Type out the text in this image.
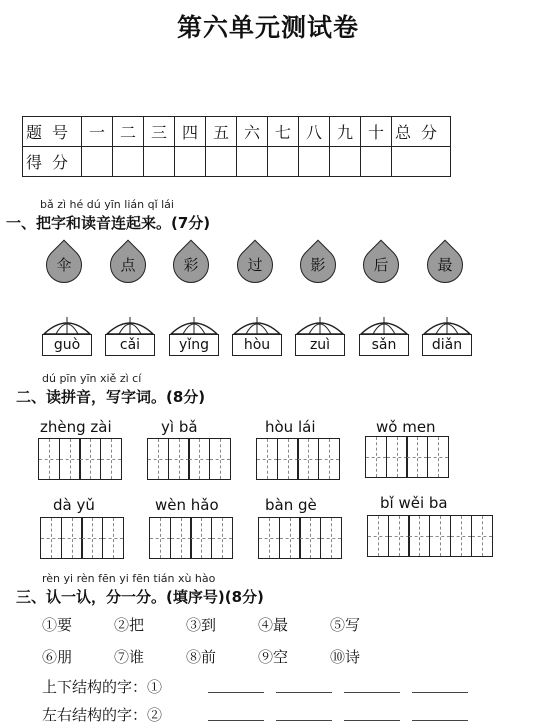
第六单元测试卷
题号	一	二	三	四	五	六	七	八	九	十	总分
得分											
bǎ zì hé dú yīn lián qǐ lái
一、把字和读音连起来。(7分)
伞	点	彩	过	影	后	最
guò	cǎi	yǐng	hòu	zuì	sǎn	diǎn
dú pīn yīn xiě zì cí
二、读拼音，写字词。(8分)
zhèng zài	yì bǎ	hòu lái	wǒ men
dà yǔ	wèn hǎo	bàn gè	bǐ wěi ba
rèn yi rèn fēn yi fēn tián xù hào
三、认一认，分一分。(填序号)(8分)
①要	②把	③到	④最	⑤写
⑥朋	⑦谁	⑧前	⑨空	⑩诗
上下结构的字：①
左右结构的字：②
